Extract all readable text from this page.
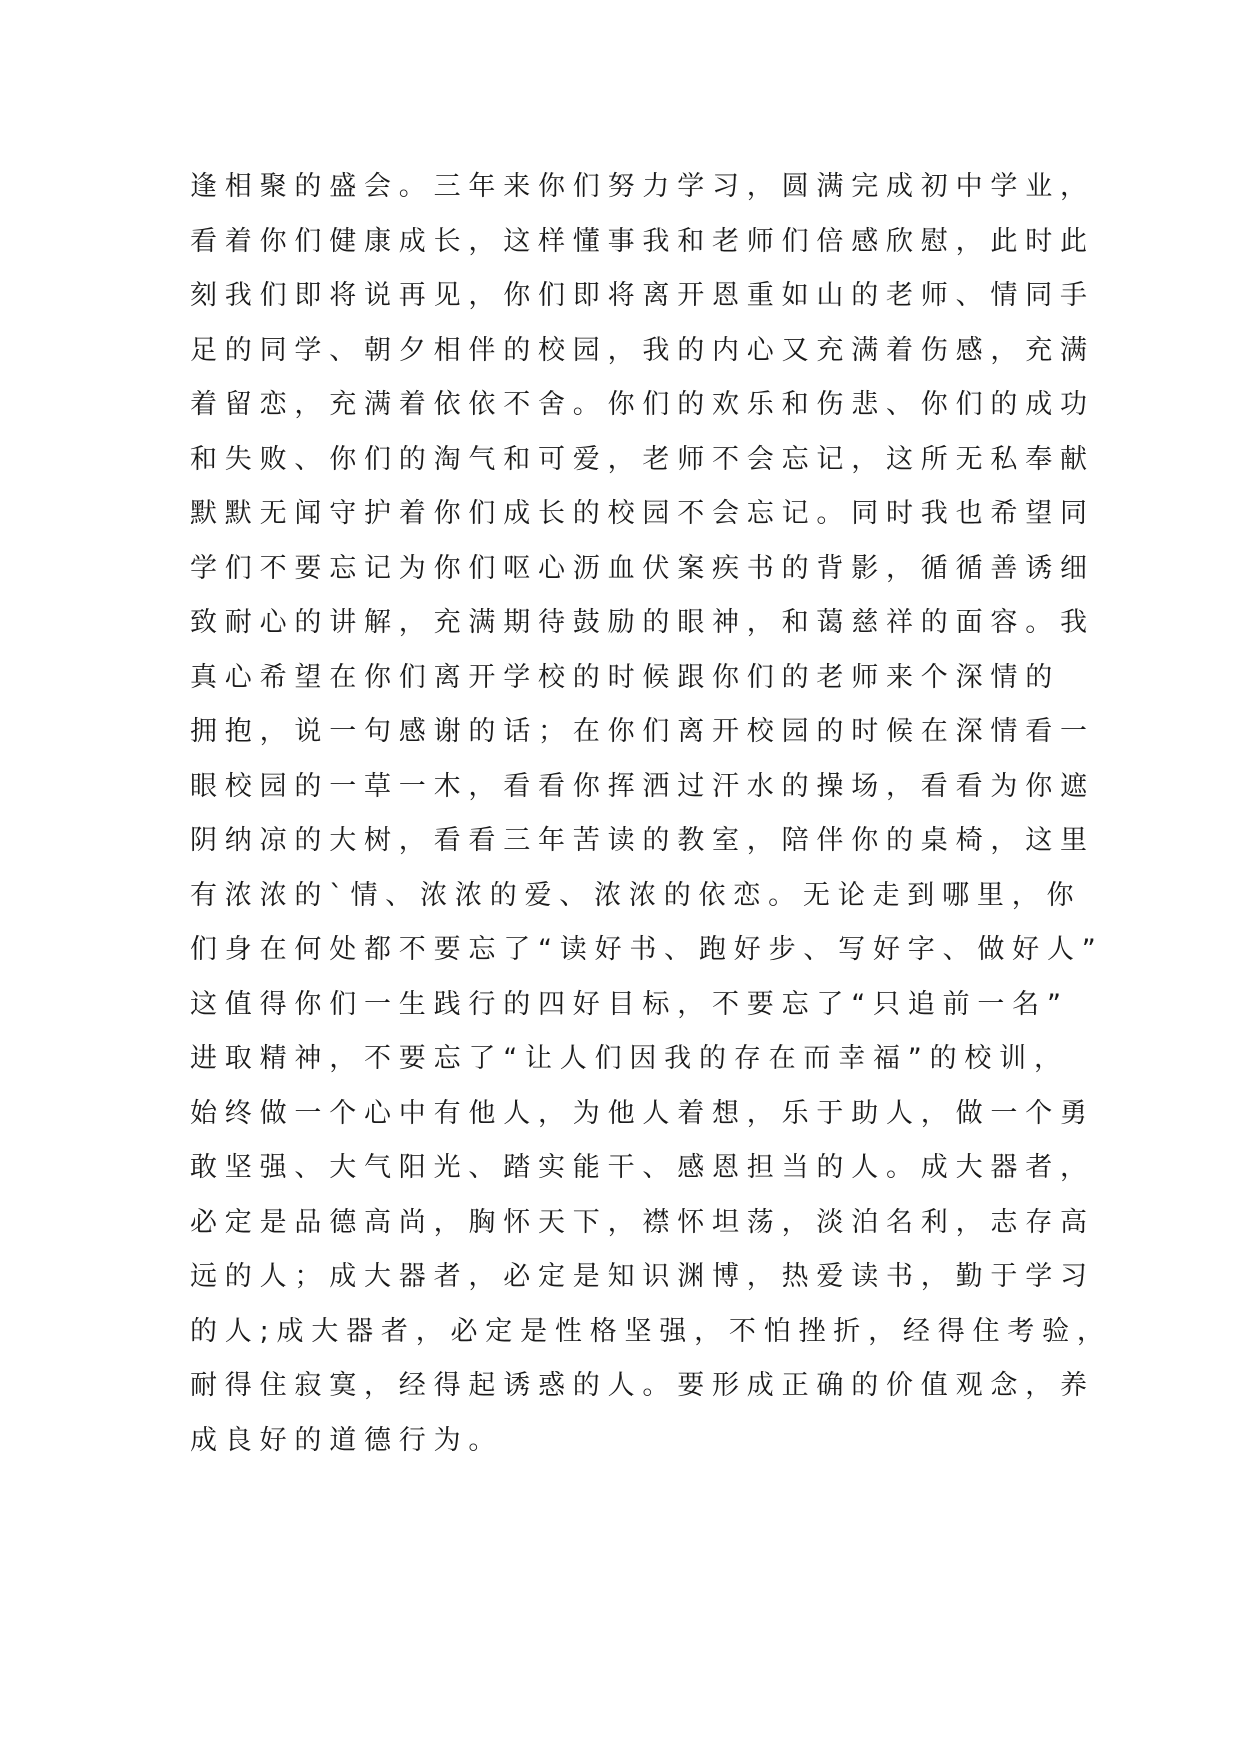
逢相聚的盛会。三年来你们努力学习，圆满完成初中学业，
看着你们健康成长，这样懂事我和老师们倍感欣慰，此时此
刻我们即将说再见，你们即将离开恩重如山的老师、情同手
足的同学、朝夕相伴的校园，我的内心又充满着伤感，充满
着留恋，充满着依依不舍。你们的欢乐和伤悲、你们的成功
和失败、你们的淘气和可爱，老师不会忘记，这所无私奉献
默默无闻守护着你们成长的校园不会忘记。同时我也希望同
学们不要忘记为你们呕心沥血伏案疾书的背影，循循善诱细
致耐心的讲解，充满期待鼓励的眼神，和蔼慈祥的面容。我
真心希望在你们离开学校的时候跟你们的老师来个深情的
拥抱，说一句感谢的话；在你们离开校园的时候在深情看一
眼校园的一草一木，看看你挥洒过汗水的操场，看看为你遮
阴纳凉的大树，看看三年苦读的教室，陪伴你的桌椅，这里
有浓浓的`情、浓浓的爱、浓浓的依恋。无论走到哪里，你
们身在何处都不要忘了“读好书、跑好步、写好字、做好人”
这值得你们一生践行的四好目标，不要忘了“只追前一名”
进取精神，不要忘了“让人们因我的存在而幸福”的校训，
始终做一个心中有他人，为他人着想，乐于助人，做一个勇
敢坚强、大气阳光、踏实能干、感恩担当的人。成大器者，
必定是品德高尚，胸怀天下，襟怀坦荡，淡泊名利，志存高
远的人；成大器者，必定是知识渊博，热爱读书，勤于学习
的人;成大器者，必定是性格坚强，不怕挫折，经得住考验，
耐得住寂寞，经得起诱惑的人。要形成正确的价值观念，养
成良好的道德行为。
